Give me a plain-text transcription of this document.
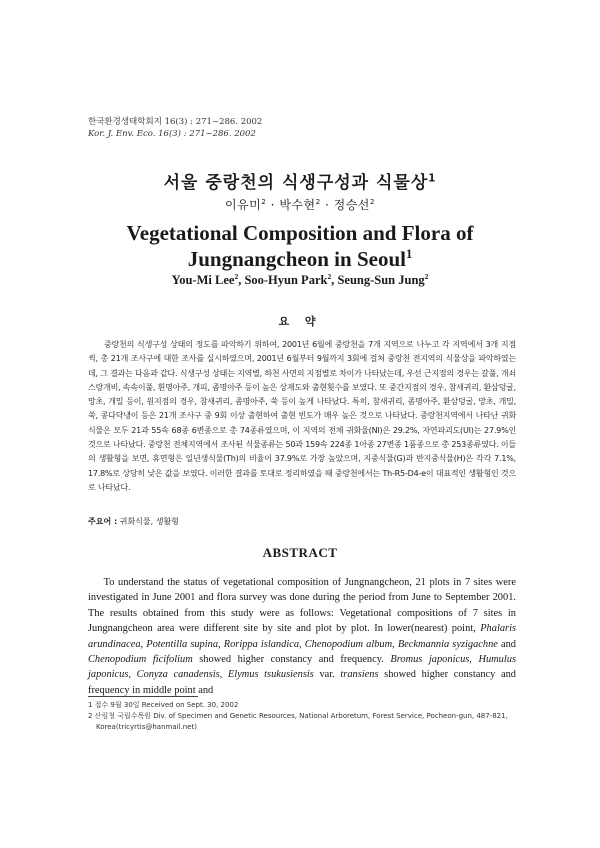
한국환경생태학회지 16(3) : 271~286. 2002
Kor. J. Env. Eco. 16(3) : 271~286. 2002
서울 중랑천의 식생구성과 식물상$^1$
이유미$^2$ · 박수현$^2$ · 정승선$^2$
Vegetational Composition and Flora of
Jungnangcheon in Seoul$^1$
You-Mi Lee$^2$, Soo-Hyun Park$^2$, Seung-Sun Jung$^2$
요 약
중랑천의 식생구성 상태의 정도를 파악하기 위하여, 2001년 6월에 중랑천을 7개 지역으로 나누고 각 지역에서 3개 지점씩, 총 21개 조사구에 대한 조사를 실시하였으며, 2001년 6월부터 9월까지 3회에 걸쳐 중랑천 전지역의 식물상을 파악하였는데, 그 결과는 다음과 같다. 식생구성 상태는 지역별, 하천 사면의 지점별로 차이가 나타났는데, 우선 근지점의 경우는 갈풀, 개쇠스랑개비, 속속이풀, 흰명아주, 개피, 좀명아주 등이 높은 상재도와 출현횟수를 보였다. 또 중간지점의 경우, 참새귀리, 환삼덩굴, 망초, 개밀 등이, 원지점의 경우, 참새귀리, 좀명아주, 쑥 등이 높게 나타났다. 특히, 참새귀리, 좀명아주, 환삼덩굴, 망초, 개밀, 쑥, 콩다닥냉이 등은 21개 조사구 중 9회 이상 출현하여 출현 빈도가 매우 높은 것으로 나타났다. 중랑천지역에서 나타난 귀화식물은 모두 21과 55속 68종 6변종으로 총 74종류였으며, 이 지역의 전체 귀화율(NI)은 29.2%, 자연파괴도(UI)는 27.9%인 것으로 나타났다. 중랑천 전체지역에서 조사된 식물종류는 50과 159속 224종 1아종 27변종 1품종으로 총 253종류였다. 이들의 생활형을 보면, 휴면형은 일년생식물(Th)의 비율이 37.9%로 가장 높았으며, 지중식물(G)과 반지중식물(H)은 각각 7.1%, 17.8%로 상당히 낮은 값을 보였다. 이러한 결과를 토대로 정리하였을 때 중랑천에서는 Th-R5-D4-e이 대표적인 생활형인 것으로 나타났다.
주요어 : 귀화식물, 생활형
ABSTRACT
To understand the status of vegetational composition of Jungnangcheon, 21 plots in 7 sites were investigated in June 2001 and flora survey was done during the period from June to September 2001. The results obtained from this study were as follows: Vegetational compositions of 7 sites in Jungnangcheon area were different site by site and plot by plot. In lower(nearest) point, Phalaris arundinacea, Potentilla supina, Rorippa islandica, Chenopodium album, Beckmannia syzigachne and Chenopodium ficifolium showed higher constancy and frequency. Bromus japonicus, Humulus japonicus, Conyza canadensis, Elymus tsukusiensis var. transiens showed higher constancy and frequency in middle point and
1 접수 9월 30일 Received on Sept. 30, 2002
2 산림청 국립수목원 Div. of Specimen and Genetic Resources, National Arboretum, Forest Service, Pocheon-gun, 487-821, Korea(tricyrtis@hanmail.net)
